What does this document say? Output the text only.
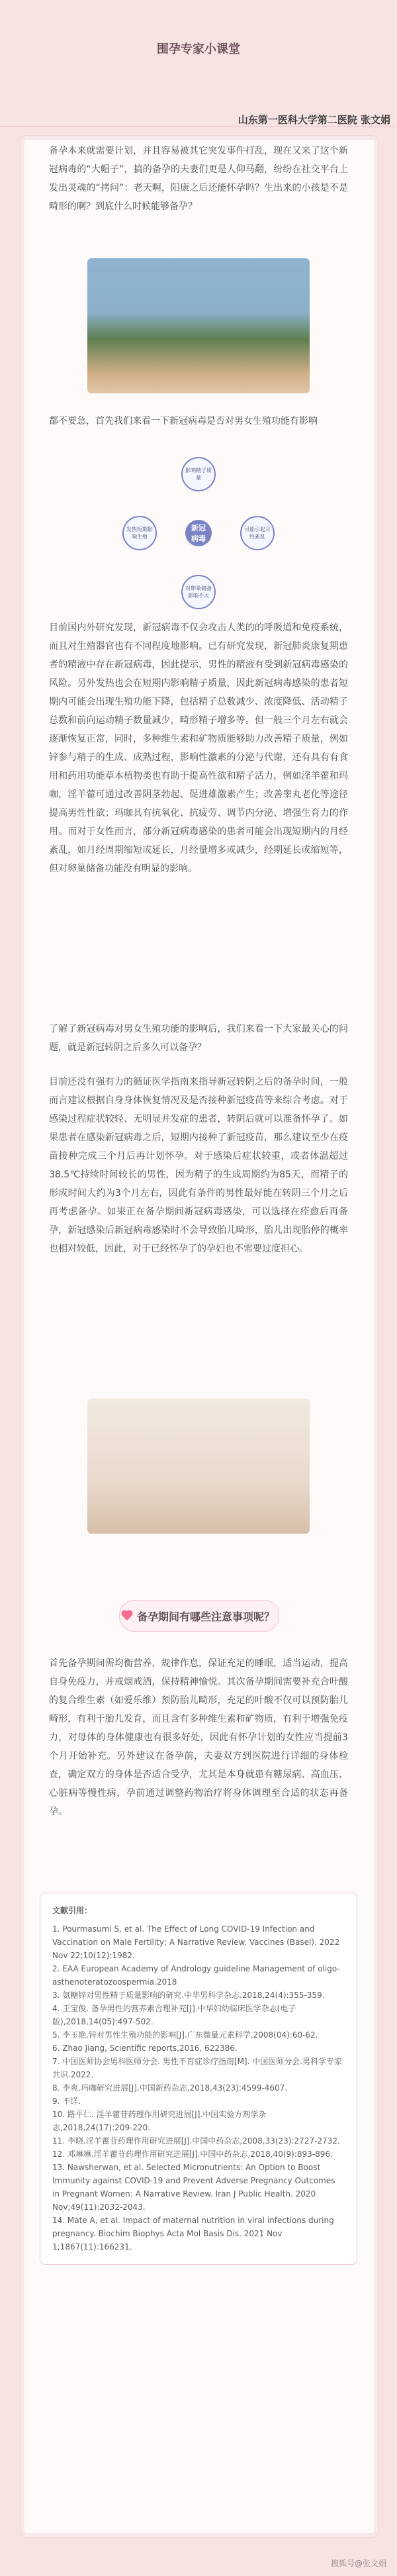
围孕专家小课堂
山东第一医科大学第二医院 张文娟
备孕本来就需要计划，并且容易被其它突发事件打乱，现在又来了这个新冠病毒的“大帽子”，搞的备孕的夫妻们更是人仰马翻，纷纷在社交平台上发出灵魂的“拷问”：老天啊，阳康之后还能怀孕吗？生出来的小孩是不是畸形的啊？到底什么时候能够备孕？
都不要急，首先我们来看一下新冠病毒是否对男女生殖功能有影响
新冠
病毒
影响精子质量
可能引起月经紊乱
对卵巢储备影响不大
发热短期影响生殖
目前国内外研究发现，新冠病毒不仅会攻击人类的的呼吸道和免疫系统，而且对生殖器官也有不同程度地影响。已有研究发现，新冠肺炎康复期患者的精液中存在新冠病毒，因此提示，男性的精液有受到新冠病毒感染的风险。另外发热也会在短期内影响精子质量，因此新冠病毒感染的患者短期内可能会出现生殖功能下降，包括精子总数减少、浓度降低、活动精子总数和前向运动精子数量减少，畸形精子增多等。但一般三个月左右就会逐渐恢复正常，同时，多种维生素和矿物质能够助力改善精子质量，例如锌参与精子的生成、成熟过程，影响性激素的分泌与代谢，还有具有有食用和药用功能草本植物类也有助于提高性欲和精子活力，例如淫羊藿和玛咖，淫羊藿可通过改善阴茎勃起、促进雄激素产生；改善睾丸老化等途径提高男性性欲；玛咖具有抗氧化、抗疲劳、调节内分泌、增强生育力的作用。而对于女性而言，部分新冠病毒感染的患者可能会出现短期内的月经紊乱，如月经周期缩短或延长，月经量增多或减少，经期延长或缩短等，但对卵巢储备功能没有明显的影响。
了解了新冠病毒对男女生殖功能的影响后，我们来看一下大家最关心的问题，就是新冠转阴之后多久可以备孕？
目前还没有强有力的循证医学指南来指导新冠转阴之后的备孕时间，一般而言建议根据自身身体恢复情况及是否接种新冠疫苗等来综合考虑。对于感染过程症状较轻、无明显并发症的患者，转阴后就可以准备怀孕了。如果患者在感染新冠病毒之后，短期内接种了新冠疫苗，那么建议至少在疫苗接种完成三个月后再计划怀孕。对于感染后症状较重，或者体温超过38.5℃持续时间较长的男性，因为精子的生成周期约为85天，而精子的形成时间大约为3个月左右，因此有条件的男性最好能在转阴三个月之后再考虑备孕。如果正在备孕期间新冠病毒感染，可以选择在痊愈后再备孕，新冠感染后新冠病毒感染时不会导致胎儿畸形，胎儿出现胎停的概率也相对较低，因此，对于已经怀孕了的孕妇也不需要过度担心。
备孕期间有哪些注意事项呢？
首先备孕期间需均衡营养，规律作息，保证充足的睡眠，适当运动，提高自身免疫力，并戒烟戒酒，保持精神愉悦。其次备孕期间需要补充合叶酸的复合维生素（如爱乐维）预防胎儿畸形，充足的叶酸不仅可以预防胎儿畸形，有利于胎儿发育，而且含有多种维生素和矿物质，有利于增强免疫力，对母体的身体健康也有很多好处，因此有怀孕计划的女性应当提前3个月开始补充。另外建议在备孕前，夫妻双方到医院进行详细的身体检查，确定双方的身体是否适合受孕，尤其是本身就患有糖尿病、高血压、心脏病等慢性病，孕前通过调整药物治疗将身体调理至合适的状态再备孕。
文献引用：
1. Pourmasumi S, et al. The Effect of Long COVID-19 Infection and Vaccination on Male Fertility; A Narrative Review. Vaccines (Basel). 2022 Nov 22;10(12):1982.
2. EAA European Academy of Andrology guideline Management of oligo-asthenoteratozoospermia.2018
3. 氨糖锌对男性精子质量影响的研究.中华男科学杂志.2018,24(4):355-359.
4. 王宝俊. 备孕男性的营养素合理补充[J].中华妇幼临床医学杂志(电子版),2018,14(05):497-502.
5. 李玉艳.锌对男性生殖功能的影响[J].广东微量元素科学,2008(04):60-62.
6. Zhao Jiang, Scientific reports,2016, 622386.
7. 中国医师协会男科医师分会. 男性不育症诊疗指南[M]. 中国医师分会.男科学专家共识.2022.
8. 李爽.玛咖研究进展[J].中国新药杂志,2018,43(23):4599-4607.
9. 不详.
10. 路平仁. 淫羊藿苷药理作用研究进展[J].中国实验方剂学杂志,2018,24(17):209-220.
11. 李晓.淫羊藿苷药理作用研究进展[J].中国中药杂志,2008,33(23):2727-2732.
12. 邓琳琳.淫羊藿苷药理作用研究进展[J].中国中药杂志,2018,40(9):893-896.
13. Nawsherwan, et al. Selected Micronutrients: An Option to Boost Immunity against COVID-19 and Prevent Adverse Pregnancy Outcomes in Pregnant Women: A Narrative Review. Iran J Public Health. 2020 Nov;49(11):2032-2043.
14. Mate A, et al. Impact of maternal nutrition in viral infections during pregnancy. Biochim Biophys Acta Mol Basis Dis. 2021 Nov 1;1867(11):166231.
搜狐号@张文娟
